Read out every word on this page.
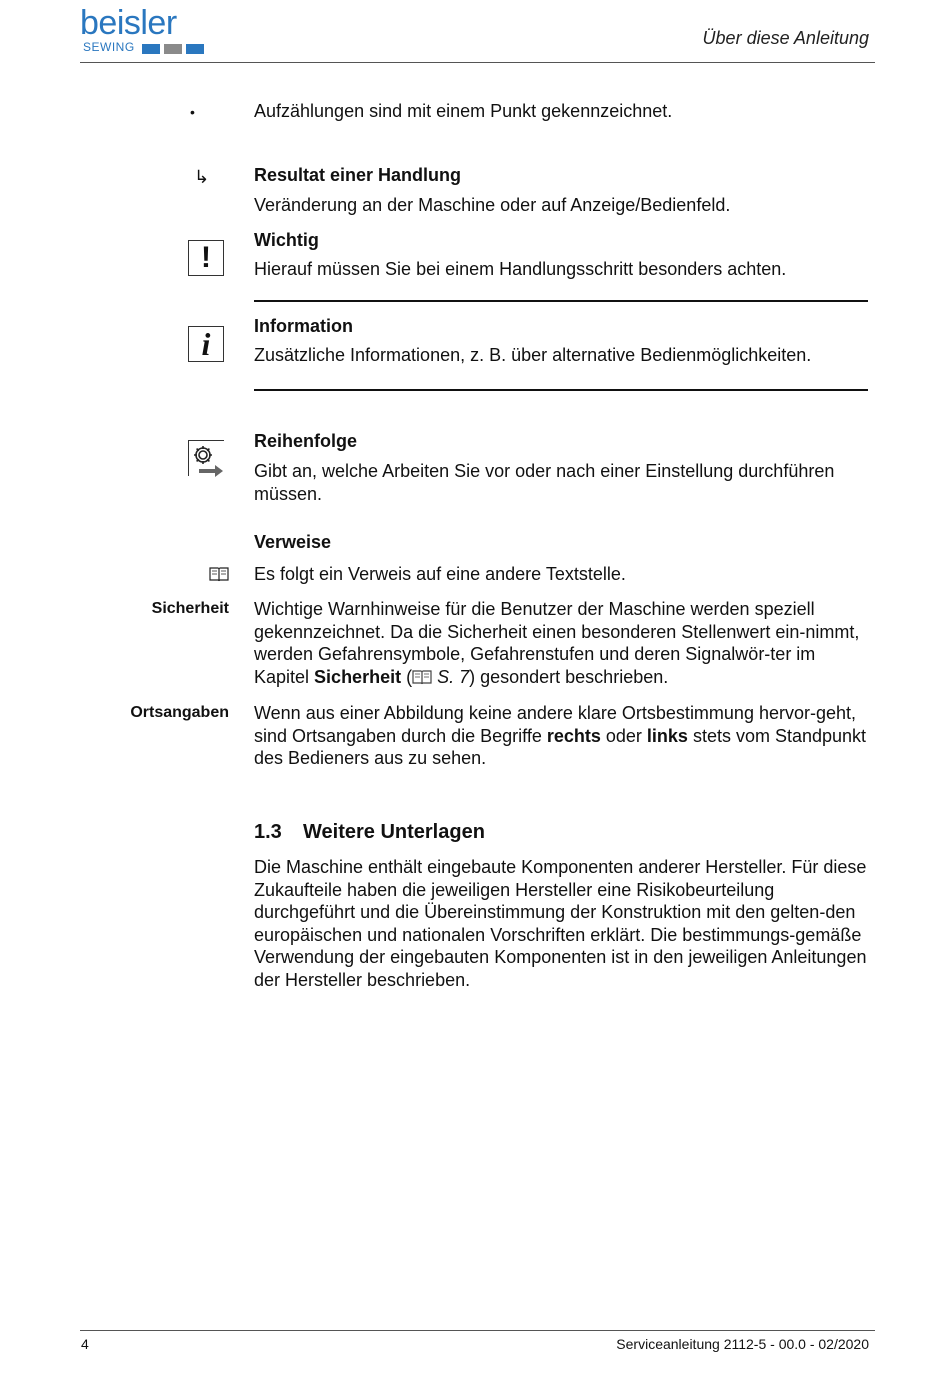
beisler
SEWING	Über diese Anleitung
•	Aufzählungen sind mit einem Punkt gekennzeichnet.
↳ Resultat einer Handlung
Veränderung an der Maschine oder auf Anzeige/Bedienfeld.
!
Wichtig
Hierauf müssen Sie bei einem Handlungsschritt besonders achten.
i Information
Zusätzliche Informationen, z. B. über alternative Bedienmöglichkeiten.
Reihenfolge
Gibt an, welche Arbeiten Sie vor oder nach einer Einstellung durchführen müssen.
Verweise
Es folgt ein Verweis auf eine andere Textstelle.
Sicherheit Wichtige Warnhinweise für die Benutzer der Maschine werden speziell gekennzeichnet. Da die Sicherheit einen besonderen Stellenwert ein-nimmt, werden Gefahrensymbole, Gefahrenstufen und deren Signalwör-ter im Kapitel Sicherheit ( S. 7) gesondert beschrieben.
Ortsangaben Wenn aus einer Abbildung keine andere klare Ortsbestimmung hervor-geht, sind Ortsangaben durch die Begriffe rechts oder links stets vom Standpunkt des Bedieners aus zu sehen.
1.3 Weitere Unterlagen
Die Maschine enthält eingebaute Komponenten anderer Hersteller. Für diese Zukaufteile haben die jeweiligen Hersteller eine Risikobeurteilung durchgeführt und die Übereinstimmung der Konstruktion mit den gelten-den europäischen und nationalen Vorschriften erklärt. Die bestimmungs-gemäße Verwendung der eingebauten Komponenten ist in den jeweiligen Anleitungen der Hersteller beschrieben.
4	Serviceanleitung 2112-5 - 00.0 - 02/2020
